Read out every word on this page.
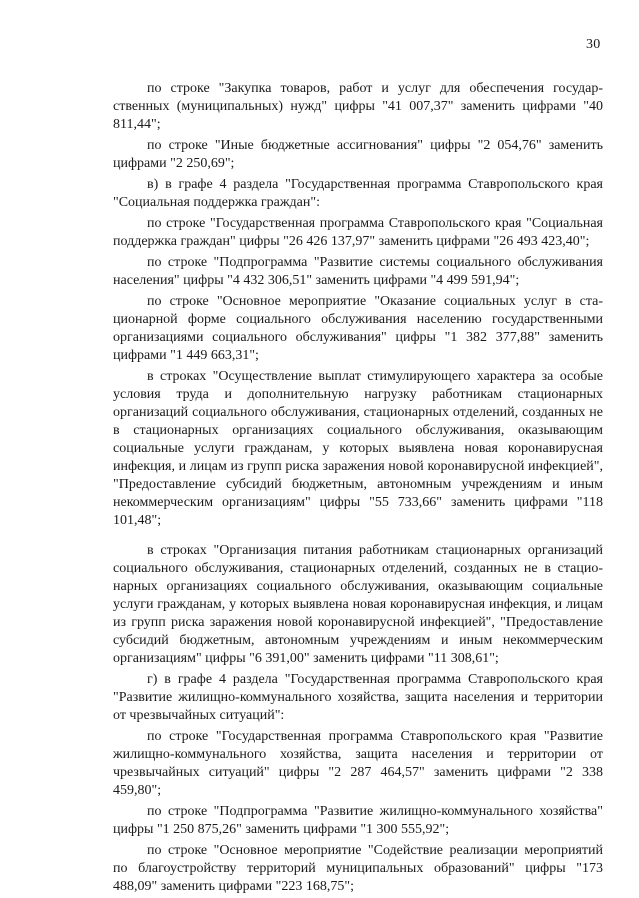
30

по строке "Закупка товаров, работ и услуг для обеспечения государственных (муниципальных) нужд" цифры "41 007,37" заменить цифрами "40 811,44";

по строке "Иные бюджетные ассигнования" цифры "2 054,76" заменить цифрами "2 250,69";

в) в графе 4 раздела "Государственная программа Ставропольского края "Социальная поддержка граждан":

по строке "Государственная программа Ставропольского края "Социальная поддержка граждан" цифры "26 426 137,97" заменить цифрами "26 493 423,40";

по строке "Подпрограмма "Развитие системы социального обслуживания населения" цифры "4 432 306,51" заменить цифрами "4 499 591,94";

по строке "Основное мероприятие "Оказание социальных услуг в стационарной форме социального обслуживания населению государственными организациями социального обслуживания" цифры "1 382 377,88" заменить цифрами "1 449 663,31";

в строках "Осуществление выплат стимулирующего характера за особые условия труда и дополнительную нагрузку работникам стационарных организаций социального обслуживания, стационарных отделений, созданных не в стационарных организациях социального обслуживания, оказывающим социальные услуги гражданам, у которых выявлена новая коронавирусная инфекция, и лицам из групп риска заражения новой коронавирусной инфекцией", "Предоставление субсидий бюджетным, автономным учреждениям и иным некоммерческим организациям" цифры "55 733,66" заменить цифрами "118 101,48";

в строках "Организация питания работникам стационарных организаций социального обслуживания, стационарных отделений, созданных не в стационарных организациях социального обслуживания, оказывающим социальные услуги гражданам, у которых выявлена новая коронавирусная инфекция, и лицам из групп риска заражения новой коронавирусной инфекцией", "Предоставление субсидий бюджетным, автономным учреждениям и иным некоммерческим организациям" цифры "6 391,00" заменить цифрами "11 308,61";

г) в графе 4 раздела "Государственная программа Ставропольского края "Развитие жилищно-коммунального хозяйства, защита населения и территории от чрезвычайных ситуаций":

по строке "Государственная программа Ставропольского края "Развитие жилищно-коммунального хозяйства, защита населения и территории от чрезвычайных ситуаций" цифры "2 287 464,57" заменить цифрами "2 338 459,80";

по строке "Подпрограмма "Развитие жилищно-коммунального хозяйства" цифры "1 250 875,26" заменить цифрами "1 300 555,92";

по строке "Основное мероприятие "Содействие реализации мероприятий по благоустройству территорий муниципальных образований" цифры "173 488,09" заменить цифрами "223 168,75";
